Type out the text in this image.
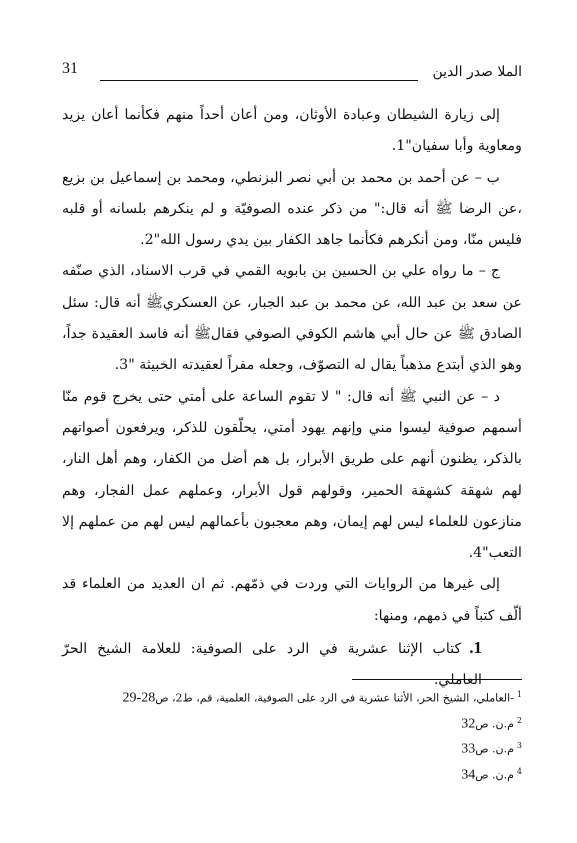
31	الملا صدر الدين

إلى زيارة الشيطان وعبادة الأوثان، ومن أعان أحداً منهم فكأنما أعان يزيد ومعاوية وأبا سفيان"1.

ب – عن أحمد بن محمد بن أبي نصر البزنطي، ومحمد بن إسماعيل بن بزيع ،عن الرضا ﷺ أنه قال:" من ذكر عنده الصوفيّة و لم ينكرهم بلسانه أو قلبه فليس منّا، ومن أنكرهم فكأنما جاهد الكفار بين يدي رسول الله"2.

ج – ما رواه علي بن الحسين بن بابويه القمي في قرب الاسناد، الذي صنّفه عن سعد بن عبد الله، عن محمد بن عبد الجبار، عن العسكريﷺ أنه قال: سئل الصادق ﷺ عن حال أبي هاشم الكوفي الصوفي فقالﷺ أنه فاسد العقيدة جداً، وهو الذي أبتدع مذهباً يقال له التصوّف، وجعله مفراً لعقيدته الخبيثة "3.

د – عن النبي ﷺ أنه قال: " لا تقوم الساعة على أمتي حتى يخرج قوم منّا أسمهم صوفية ليسوا مني وإنهم يهود أمتي، يحلّقون للذكر، ويرفعون أصواتهم بالذكر، يظنون أنهم على طريق الأبرار، بل هم أضل من الكفار، وهم أهل النار، لهم شهقة كشهقة الحمير، وقولهم قول الأبرار، وعملهم عمل الفجار، وهم منازعون للعلماء ليس لهم إيمان، وهم معجبون بأعمالهم ليس لهم من عملهم إلا التعب"4.

إلى غيرها من الروايات التي وردت في ذمّهم. ثم ان العديد من العلماء قد ألّف كتباً في ذمهم، ومنها:

1.كتاب الإثنا عشرية في الرد على الصوفية: للعلامة الشيخ الحرّ العاملي.

$^1$-العاملي، الشيخ الحر، الأثنا عشرية في الرد على الصوفية، العلمية، قم، ط2، ص28-29
$^2$م.ن. ص32
$^3$م.ن. ص33
$^4$م.ن. ص34
